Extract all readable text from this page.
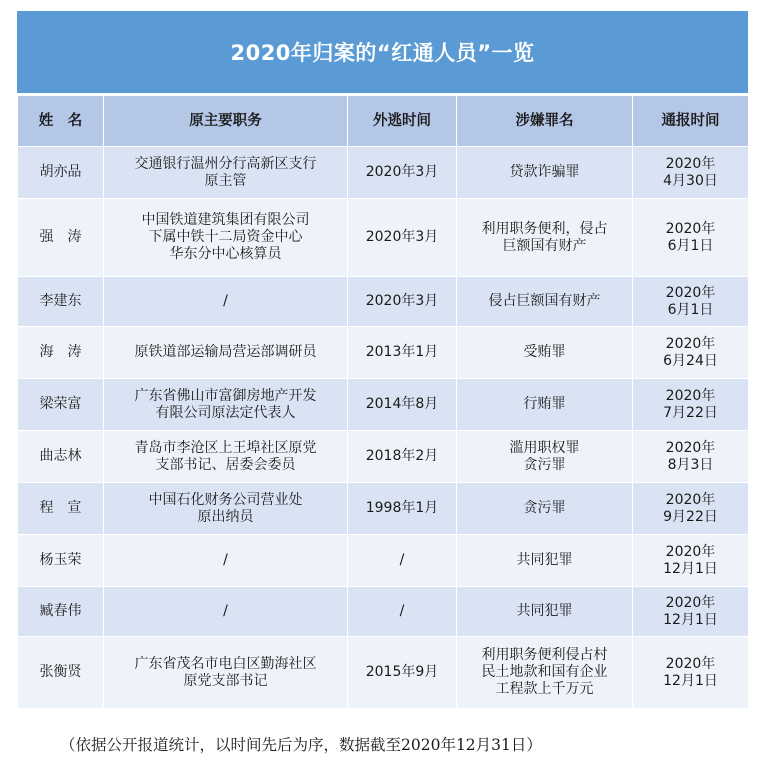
2020年归案的“红通人员”一览
姓　名	原主要职务	外逃时间	涉嫌罪名	通报时间
胡亦品	交通银行温州分行高新区支行
原主管	2020年3月	贷款诈骗罪	2020年
4月30日

强　涛	中国铁道建筑集团有限公司
下属中铁十二局资金中心
华东分中心核算员	2020年3月	利用职务便利，侵占
巨额国有财产	2020年
6月1日

李建东	/	2020年3月	侵占巨额国有财产	2020年
6月1日

海　涛	原铁道部运输局营运部调研员	2013年1月	受贿罪	2020年
6月24日

梁荣富	广东省佛山市富御房地产开发
有限公司原法定代表人	2014年8月	行贿罪	2020年
7月22日

曲志林	青岛市李沧区上王埠社区原党
支部书记、居委会委员	2018年2月	滥用职权罪
贪污罪	2020年
8月3日

程　宣	中国石化财务公司营业处
原出纳员	1998年1月	贪污罪	2020年
9月22日

杨玉荣	/	/	共同犯罪	2020年
12月1日

臧春伟	/	/	共同犯罪	2020年
12月1日

张衡贤	广东省茂名市电白区勤海社区
原党支部书记	2015年9月	利用职务便利侵占村
民土地款和国有企业
工程款上千万元	2020年
12月1日
（依据公开报道统计，以时间先后为序，数据截至2020年12月31日）
